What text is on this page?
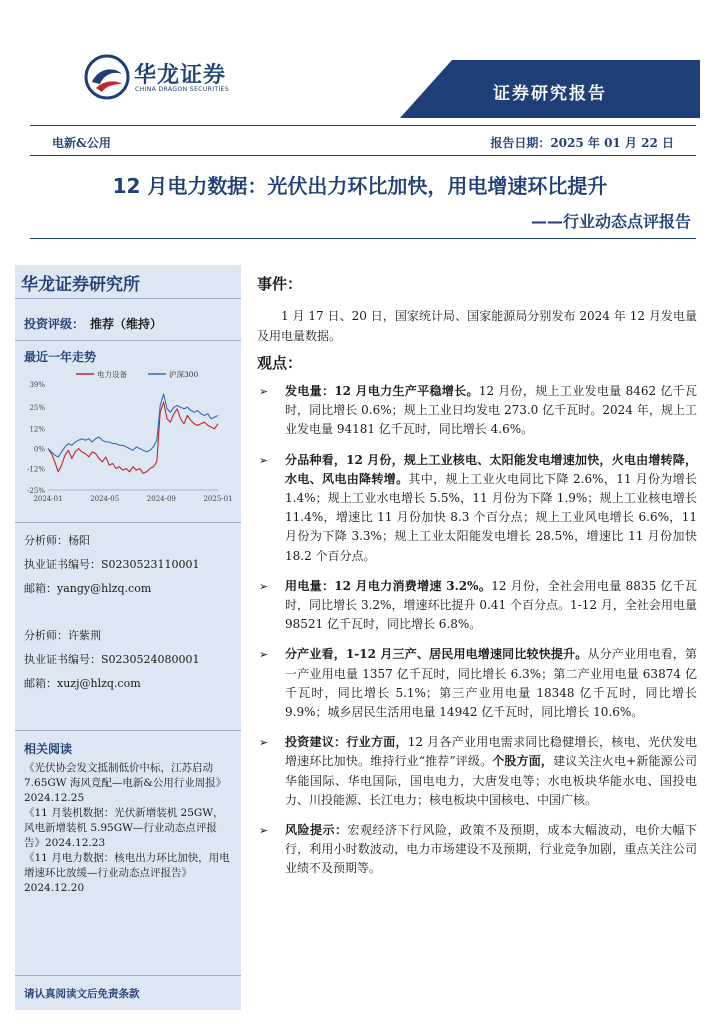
华龙证券
CHINA DRAGON SECURITIES	证券研究报告
电新&公用	报告日期：2025 年 01 月 22 日
12 月电力数据：光伏出力环比加快，用电增速环比提升
——行业动态点评报告
华龙证券研究所
投资评级： 推荐（维持）
最近一年走势
电力设备	沪深300
39%
25%
12%
0%
-12%
-25%
2024-01	2024-05	2024-09	2025-01
分析师：杨阳
执业证书编号：S0230523110001
邮箱：yangy@hlzq.com
分析师：许紫荆
执业证书编号：S0230524080001
邮箱：xuzj@hlzq.com
相关阅读
《光伏协会发文抵制低价中标，江苏启动 7.65GW 海风竞配—电新&公用行业周报》2024.12.25
《11 月装机数据：光伏新增装机 25GW，风电新增装机 5.95GW—行业动态点评报告》2024.12.23
《11 月电力数据：核电出力环比加快，用电增速环比放缓—行业动态点评报告》2024.12.20
请认真阅读文后免责条款
事件：

1 月 17 日、20 日，国家统计局、国家能源局分别发布 2024 年 12 月发电量及用电量数据。

观点：
➢ 发电量：12 月电力生产平稳增长。12 月份，规上工业发电量 8462 亿千瓦时，同比增长 0.6%；规上工业日均发电 273.0 亿千瓦时。2024 年，规上工业发电量 94181 亿千瓦时，同比增长 4.6%。
➢ 分品种看，12 月份，规上工业核电、太阳能发电增速加快，火电由增转降，水电、风电由降转增。其中，规上工业火电同比下降 2.6%，11 月份为增长 1.4%；规上工业水电增长 5.5%，11 月份为下降 1.9%；规上工业核电增长 11.4%，增速比 11 月份加快 8.3 个百分点；规上工业风电增长 6.6%，11 月份为下降 3.3%；规上工业太阳能发电增长 28.5%，增速比 11 月份加快 18.2 个百分点。
➢ 用电量：12 月电力消费增速 3.2%。12 月份，全社会用电量 8835 亿千瓦时，同比增长 3.2%，增速环比提升 0.41 个百分点。1-12 月，全社会用电量 98521 亿千瓦时，同比增长 6.8%。
➢ 分产业看，1-12 月三产、居民用电增速同比较快提升。从分产业用电看，第一产业用电量 1357 亿千瓦时，同比增长 6.3%；第二产业用电量 63874 亿千瓦时，同比增长 5.1%；第三产业用电量 18348 亿千瓦时，同比增长 9.9%；城乡居民生活用电量 14942 亿千瓦时，同比增长 10.6%。
➢ 投资建议：行业方面，12 月各产业用电需求同比稳健增长，核电、光伏发电增速环比加快。维持行业“推荐”评级。个股方面，建议关注火电+新能源公司华能国际、华电国际，国电电力，大唐发电等；水电板块华能水电、国投电力、川投能源、长江电力；核电板块中国核电、中国广核。
➢ 风险提示：宏观经济下行风险，政策不及预期，成本大幅波动，电价大幅下行，利用小时数波动，电力市场建设不及预期，行业竞争加剧，重点关注公司业绩不及预期等。
